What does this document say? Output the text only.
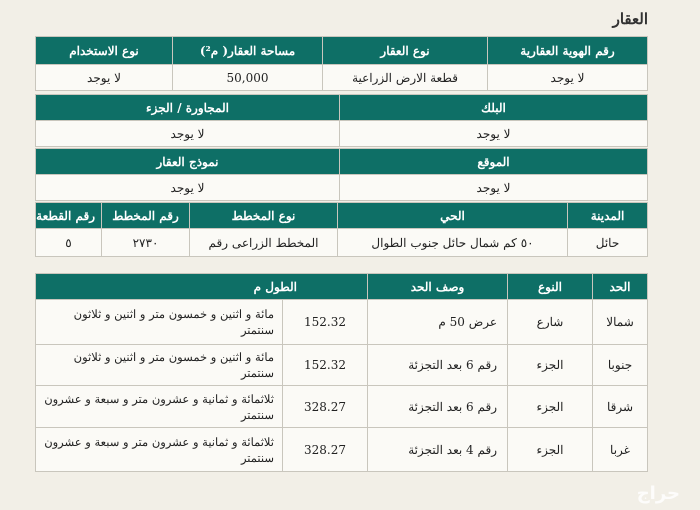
العقار
رقم الهوية العقارية	نوع العقار	مساحة العقار( م²)	نوع الاستخدام
لا يوجد	قطعة الارض الزراعية	50,000	لا يوجد
البلك	المجاورة / الجزء
لا يوجد	لا يوجد
الموقع	نموذج العقار
لا يوجد	لا يوجد
المدينة	الحي	نوع المخطط	رقم المخطط	رقم القطعة
حائل	٥٠ كم شمال حائل جنوب الطوال	المخطط الزراعى رقم	٢٧٣٠	٥
الحد	النوع	وصف الحد	الطول م	
شمالا	شارع	عرض 50 م	152.32	مائة و اثنين و خمسون متر و اثنين و ثلاثون سنتمتر
جنوبا	الجزء	رقم 6 بعد التجزئة	152.32	مائة و اثنين و خمسون متر و اثنين و ثلاثون سنتمتر
شرقا	الجزء	رقم 6 بعد التجزئة	328.27	ثلاثمائة و ثمانية و عشرون متر و سبعة و عشرون سنتمتر
غربا	الجزء	رقم 4 بعد التجزئة	328.27	ثلاثمائة و ثمانية و عشرون متر و سبعة و عشرون سنتمتر
حراج
